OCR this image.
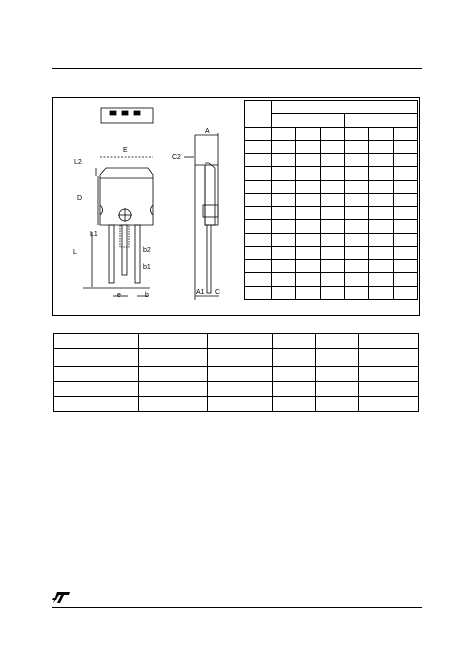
E
L2
D
L1
L	b2
b1
e	b
A
C2
A1 C
